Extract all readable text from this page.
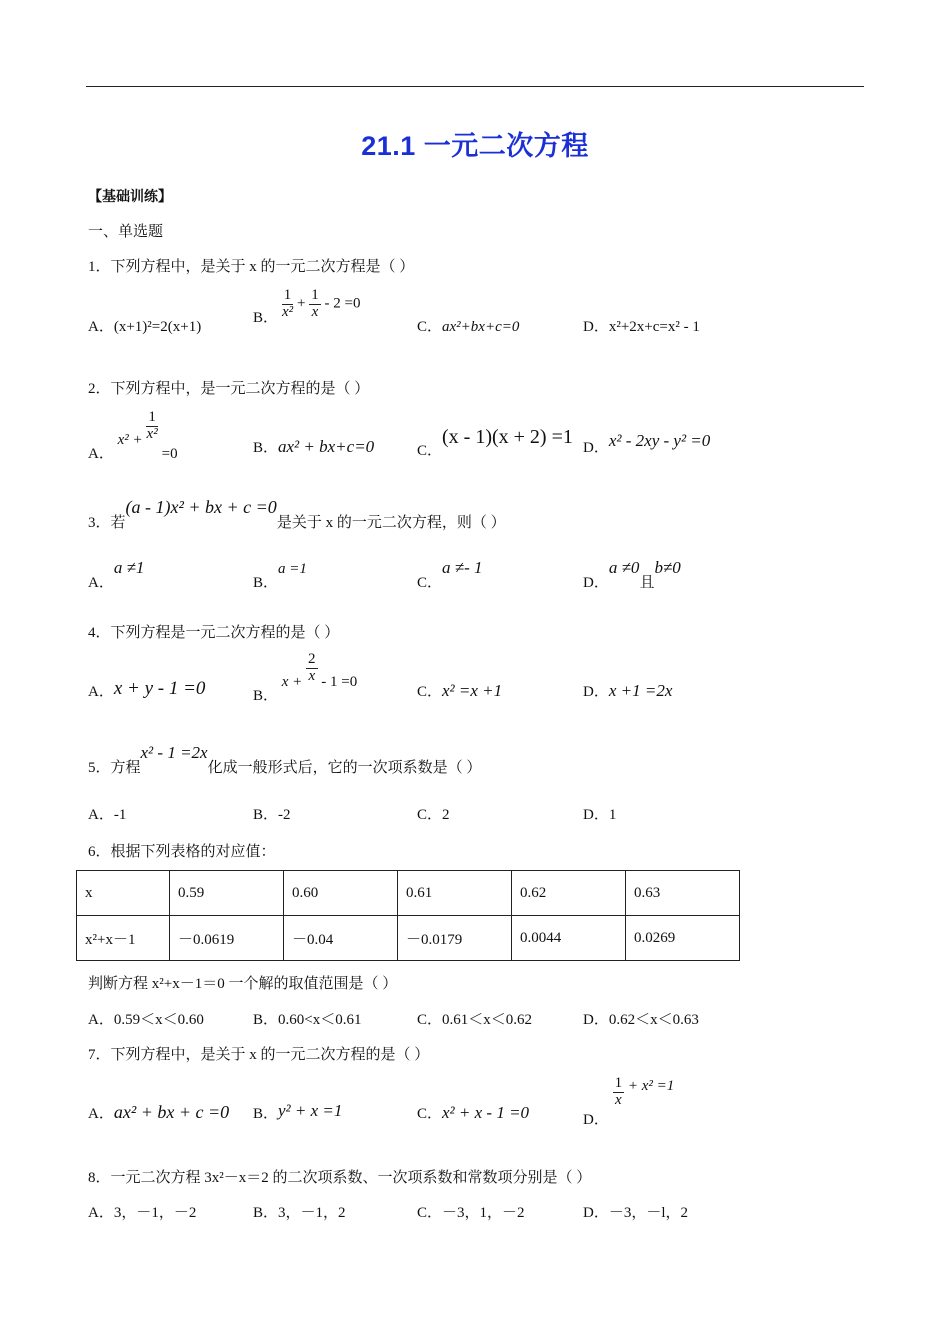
21.1 一元二次方程
【基础训练】
一、单选题
1．下列方程中，是关于 x 的一元二次方程是（ ）
A．(x+1)²=2(x+1)
B． $\frac{1}{\text{x²}} + \frac{1}{x} - 2 =0$
C．ax²+bx+c=0	D．x²+2x+c=x² - 1
2．下列方程中，是一元二次方程的是（ ）
A． $x^2 + \frac{1}{\text{x²}}$
=0	B．ax² + bx+c=0	C．(x - 1)(x + 2) =1 D．x² - 2xy - y² =0
3．若(a - 1)x² + bx + c =0是关于 x 的一元二次方程，则（ ）
A．a ≠1
B．a =1
C．a ≠- 1
D．a ≠0且b≠0
4．下列方程是一元二次方程的是（ ）
A．x + y - 1 =0	B． $x + \frac{2}{x} - 1 =0$
C．x² =x +1	D．x +1 =2x
5．方程x² - 1 =2x化成一般形式后，它的一次项系数是（ ）
A．-1	B．-2	C．2	D．1
6．根据下列表格的对应值：
x	0.59	0.60	0.61	0.62	0.63
x²+x－1	－0.0619	－0.04	－0.0179	0.0044	0.0269
判断方程 x²+x－1＝0 一个解的取值范围是（ ）
A．0.59＜x＜0.60	B．0.60<x＜0.61	C．0.61＜x＜0.62	D．0.62＜x＜0.63
7．下列方程中，是关于 x 的一元二次方程的是（ ）
A．ax² + bx + c =0 B．y² + x =1	C．x² + x - 1 =0	D．
$\frac{1}{x} + x^2 =1$
8．一元二次方程 3x²－x＝2 的二次项系数、一次项系数和常数项分别是（ ）
A．3，－1，－2	B．3，－1，2	C．－3，1，－2	D．－3，－l，2
